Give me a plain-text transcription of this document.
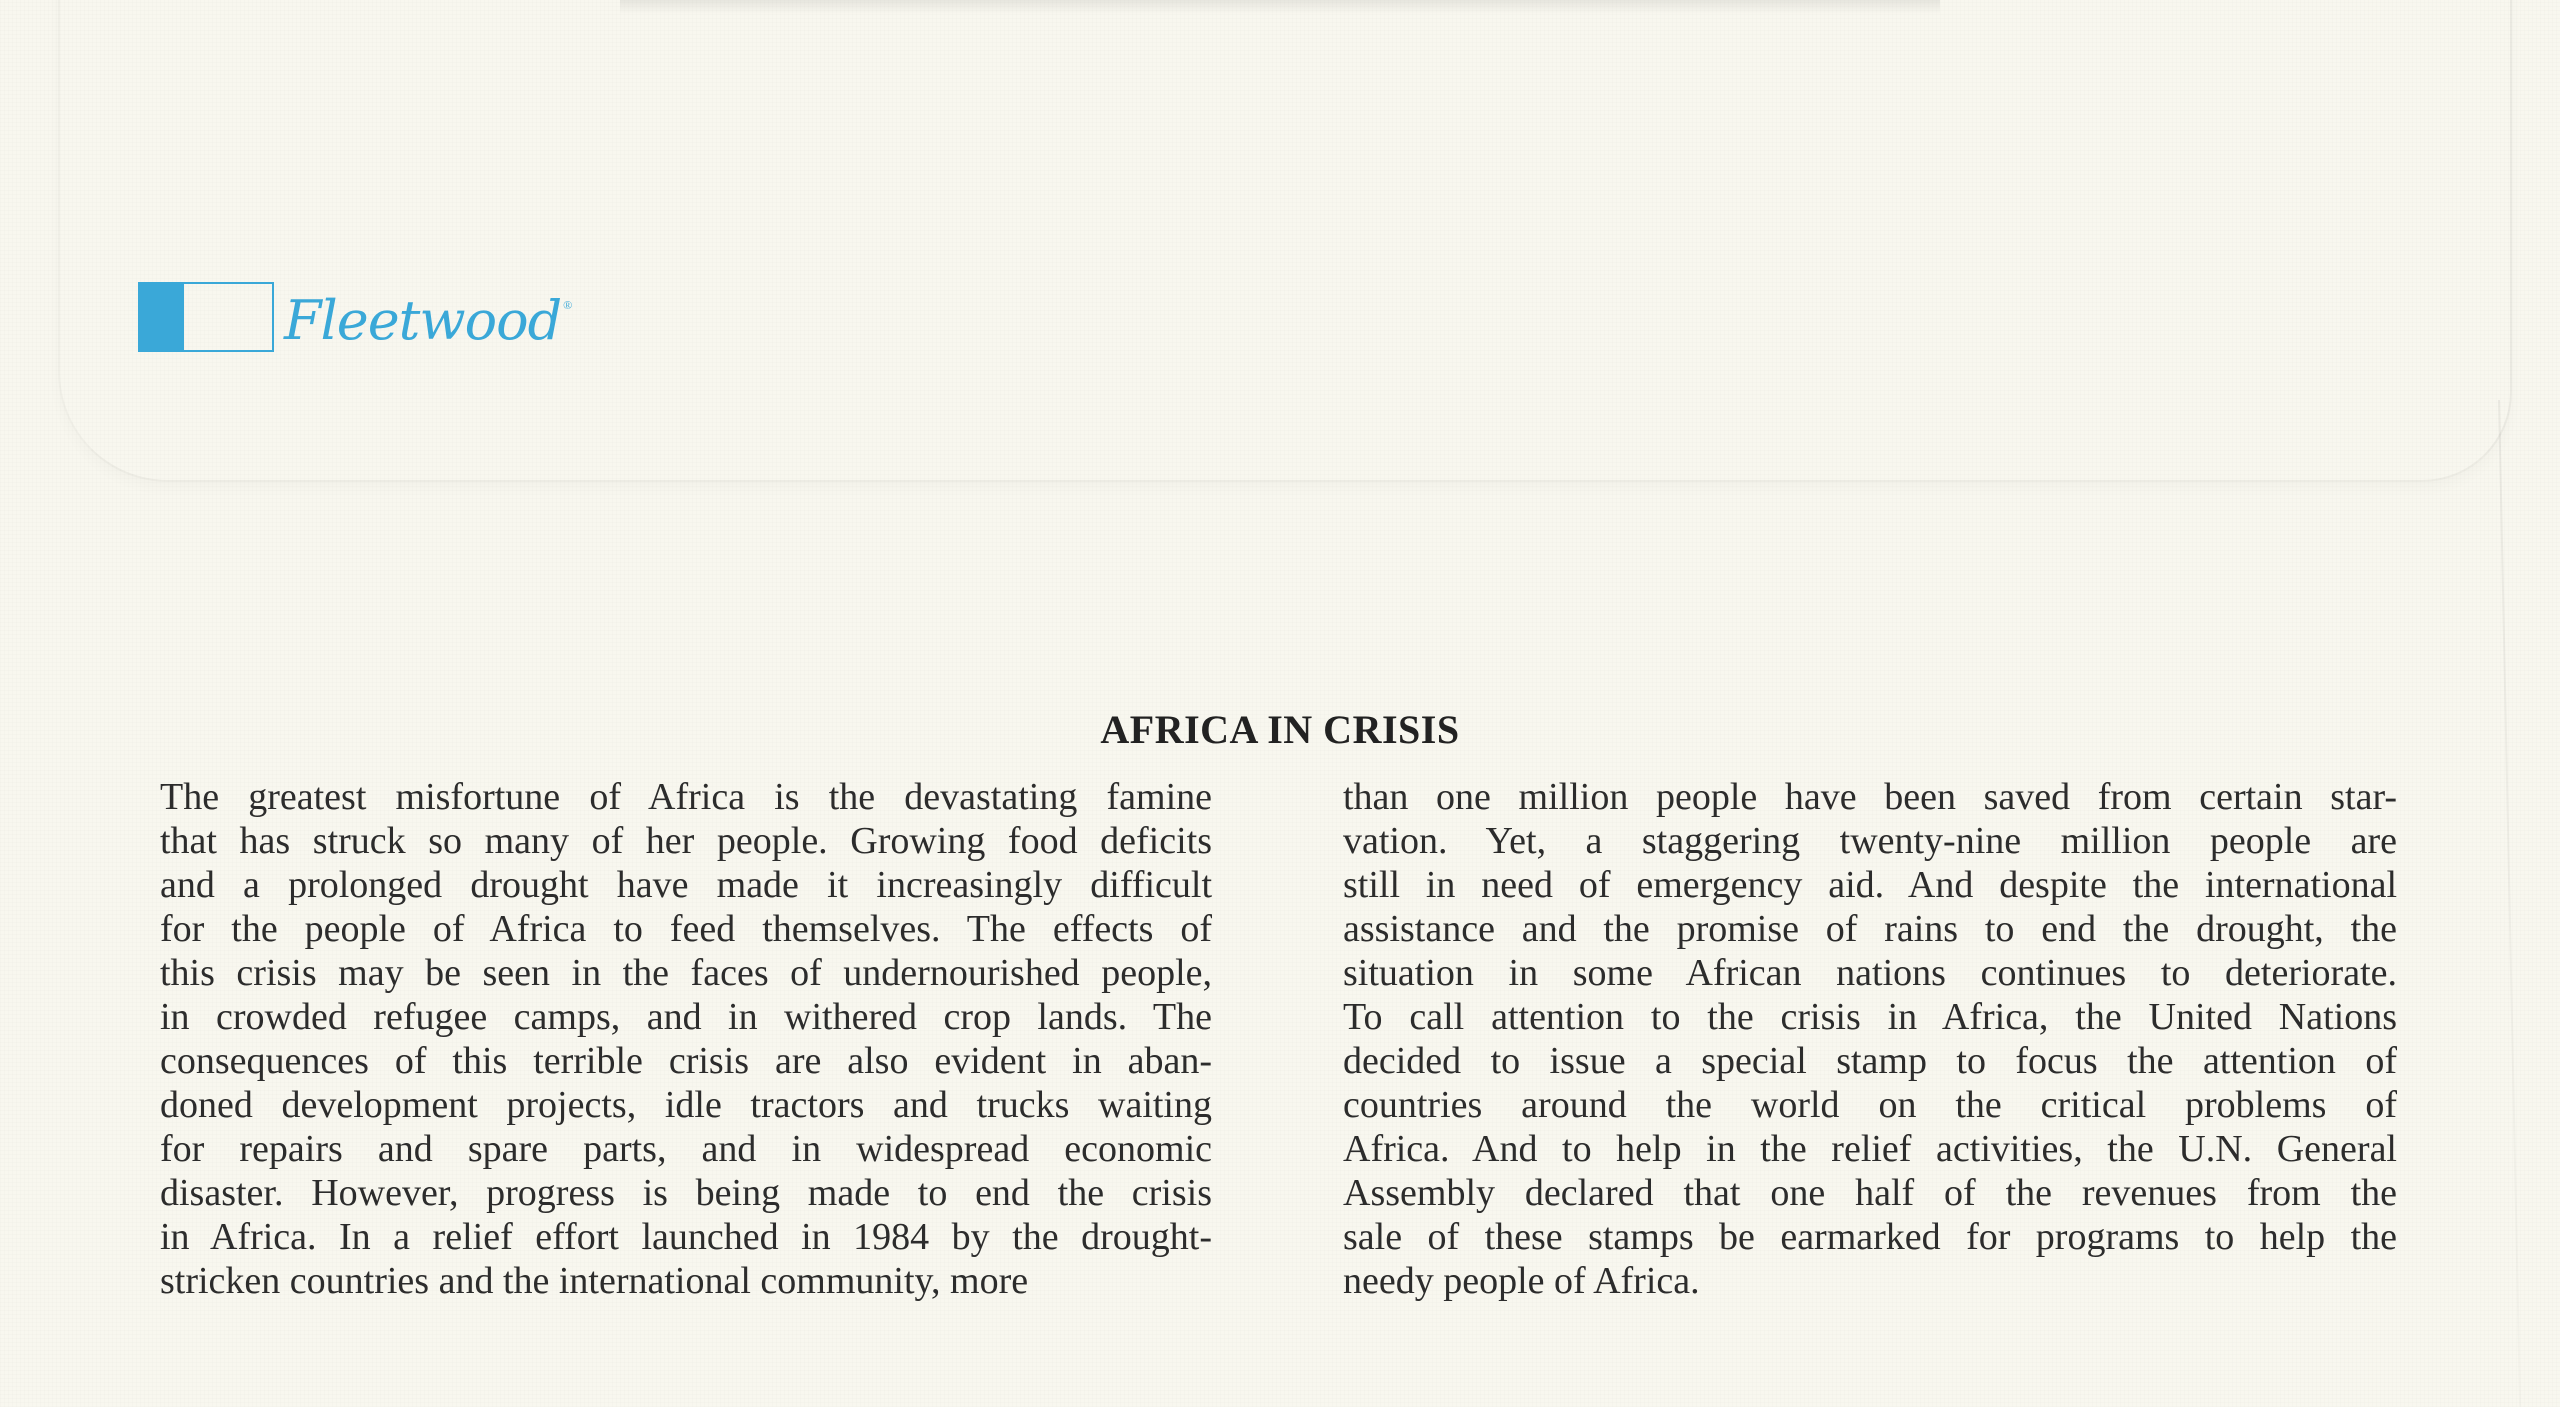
Fleetwood ®
AFRICA IN CRISIS
The greatest misfortune of Africa is the devastating famine
that has struck so many of her people. Growing food deficits
and a prolonged drought have made it increasingly difficult
for the people of Africa to feed themselves. The effects of
this crisis may be seen in the faces of undernourished people,
in crowded refugee camps, and in withered crop lands. The
consequences of this terrible crisis are also evident in aban-
doned development projects, idle tractors and trucks waiting
for repairs and spare parts, and in widespread economic
disaster. However, progress is being made to end the crisis
in Africa. In a relief effort launched in 1984 by the drought-
stricken countries and the international community, more
than one million people have been saved from certain star-
vation. Yet, a staggering twenty-nine million people are
still in need of emergency aid. And despite the international
assistance and the promise of rains to end the drought, the
situation in some African nations continues to deteriorate.
To call attention to the crisis in Africa, the United Nations
decided to issue a special stamp to focus the attention of
countries around the world on the critical problems of
Africa. And to help in the relief activities, the U.N. General
Assembly declared that one half of the revenues from the
sale of these stamps be earmarked for programs to help the
needy people of Africa.
